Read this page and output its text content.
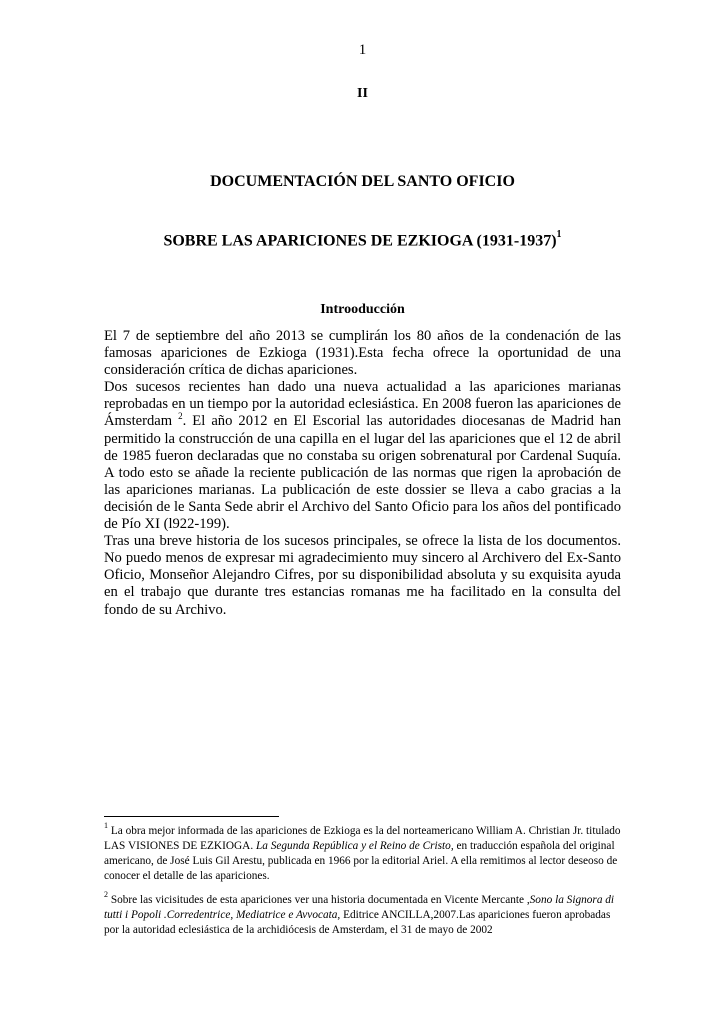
1
II
DOCUMENTACIÓN DEL SANTO OFICIO
SOBRE LAS APARICIONES DE EZKIOGA (1931-1937)$^1$
Introoducción

El 7 de septiembre del año 2013 se cumplirán los 80 años de la condenación de las famosas apariciones de Ezkioga (1931).Esta fecha ofrece la oportunidad de una consideración crítica de dichas apariciones.

Dos sucesos recientes han dado una nueva actualidad a las apariciones marianas reprobadas en un tiempo por la autoridad eclesiástica. En 2008 fueron las apariciones de Ámsterdam $^2$. El año 2012 en El Escorial las autoridades diocesanas de Madrid han permitido la construcción de una capilla en el lugar del las apariciones que el 12 de abril de 1985 fueron declaradas que no constaba su origen sobrenatural por Cardenal Suquía. A todo esto se añade la reciente publicación de las normas que rigen la aprobación de las apariciones marianas. La publicación de este dossier se lleva a cabo gracias a la decisión de le Santa Sede abrir el Archivo del Santo Oficio para los años del pontificado de Pío XI (l922-199).

Tras una breve historia de los sucesos principales, se ofrece la lista de los documentos. No puedo menos de expresar mi agradecimiento muy sincero al Archivero del Ex-Santo Oficio, Monseñor Alejandro Cifres, por su disponibilidad absoluta y su exquisita ayuda en el trabajo que durante tres estancias romanas me ha facilitado en la consulta del fondo de su Archivo.

$^1$ La obra mejor informada de las apariciones de Ezkioga es la del norteamericano William A. Christian Jr. titulado LAS VISIONES DE EZKIOGA. La Segunda República y el Reino de Cristo, en traducción española del original americano, de José Luis Gil Arestu, publicada en 1966 por la editorial Ariel. A ella remitimos al lector deseoso de conocer el detalle de las apariciones.

$^2$ Sobre las vicisitudes de esta apariciones ver una historia documentada en Vicente Mercante ,Sono la Signora di tutti i Popoli .Corredentrice, Mediatrice e Avvocata, Editrice ANCILLA,2007.Las apariciones fueron aprobadas por la autoridad eclesiástica de la archidiócesis de Amsterdam, el 31 de mayo de 2002
